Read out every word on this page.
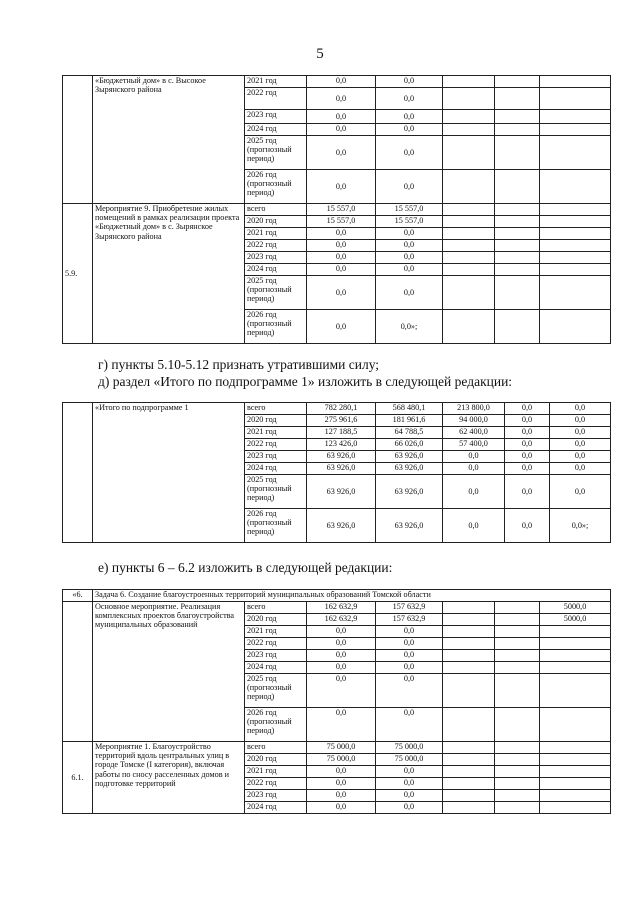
5
	«Бюджетный дом» в с. Высокое Зырянского района	2021 год	0,0	0,0			
		2022 год	0,0	0,0			
		2023 год	0,0	0,0			
		2024 год	0,0	0,0			
		2025 год (прогнозный период)	0,0	0,0			
		2026 год (прогнозный период)	0,0	0,0			
5.9.	Мероприятие 9. Приобретение жилых помещений в рамках реализации проекта «Бюджетный дом» в с. Зырянское Зырянского района	всего	15 557,0	15 557,0			
		2020 год	15 557,0	15 557,0			
		2021 год	0,0	0,0			
		2022 год	0,0	0,0			
		2023 год	0,0	0,0			
		2024 год	0,0	0,0			
		2025 год (прогнозный период)	0,0	0,0			
		2026 год (прогнозный период)	0,0	0,0»;			
г) пункты 5.10-5.12 признать утратившими силу;
д) раздел «Итого по подпрограмме 1» изложить в следующей редакции:
	«Итого по подпрограмме 1	всего	782 280,1	568 480,1	213 800,0	0,0	0,0
		2020 год	275 961,6	181 961,6	94 000,0	0,0	0,0
		2021 год	127 188,5	64 788,5	62 400,0	0,0	0,0
		2022 год	123 426,0	66 026,0	57 400,0	0,0	0,0
		2023 год	63 926,0	63 926,0	0,0	0,0	0,0
		2024 год	63 926,0	63 926,0	0,0	0,0	0,0
		2025 год (прогнозный период)	63 926,0	63 926,0	0,0	0,0	0,0
		2026 год (прогнозный период)	63 926,0	63 926,0	0,0	0,0	0,0»;
е) пункты 6 – 6.2 изложить в следующей редакции:
«6.	Задача 6. Создание благоустроенных территорий муниципальных образований Томской области						
	Основное мероприятие. Реализация комплексных проектов благоустройства муниципальных образований	всего	162 632,9	157 632,9			5000,0
		2020 год	162 632,9	157 632,9			5000,0
		2021 год	0,0	0,0			
		2022 год	0,0	0,0			
		2023 год	0,0	0,0			
		2024 год	0,0	0,0			
		2025 год (прогнозный период)	0,0	0,0			
		2026 год (прогнозный период)	0,0	0,0			
6.1.	Мероприятие 1. Благоустройство территорий вдоль центральных улиц в городе Томске (I категория), включая работы по сносу расселенных домов и подготовке территорий	всего	75 000,0	75 000,0			
		2020 год	75 000,0	75 000,0			
		2021 год	0,0	0,0			
		2022 год	0,0	0,0			
		2023 год	0,0	0,0			
		2024 год	0,0	0,0			
